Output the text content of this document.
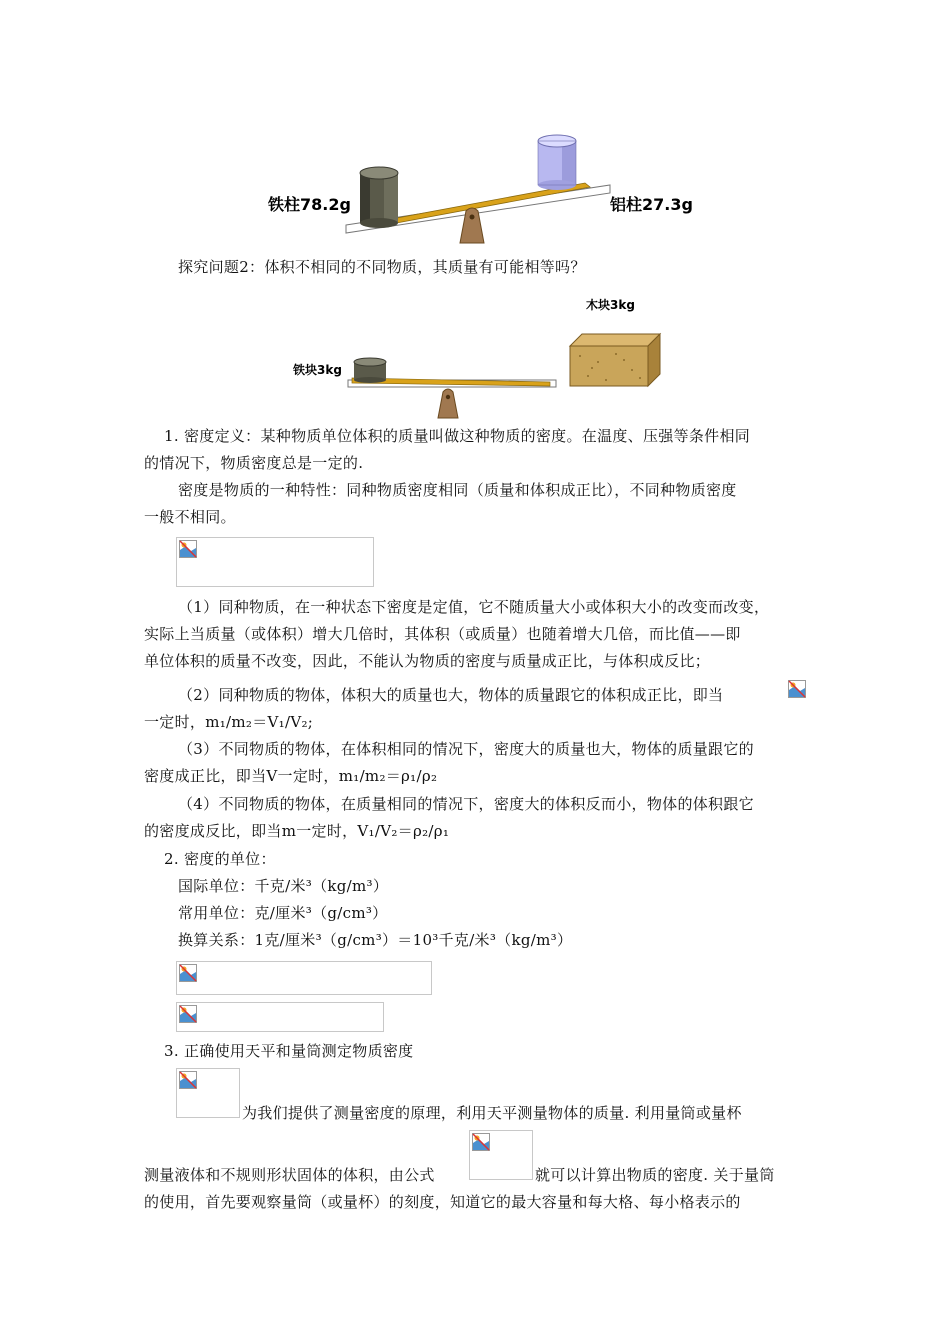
铁柱78.2g	铝柱27.3g
探究问题2：体积不相同的不同物质，其质量有可能相等吗？
木块3kg
铁块3kg
1. 密度定义：某种物质单位体积的质量叫做这种物质的密度。在温度、压强等条件相同
的情况下，物质密度总是一定的.
密度是物质的一种特性：同种物质密度相同（质量和体积成正比），不同种物质密度
一般不相同。
（1）同种物质，在一种状态下密度是定值，它不随质量大小或体积大小的改变而改变，
实际上当质量（或体积）增大几倍时，其体积（或质量）也随着增大几倍，而比值——即
单位体积的质量不改变，因此，不能认为物质的密度与质量成正比，与体积成反比；
（2）同种物质的物体，体积大的质量也大，物体的质量跟它的体积成正比，即当
一定时，m₁/m₂＝V₁/V₂;
（3）不同物质的物体，在体积相同的情况下，密度大的质量也大，物体的质量跟它的
密度成正比，即当V一定时，m₁/m₂＝ρ₁/ρ₂
（4）不同物质的物体，在质量相同的情况下，密度大的体积反而小，物体的体积跟它
的密度成反比，即当m一定时，V₁/V₂＝ρ₂/ρ₁
2. 密度的单位：
国际单位：千克/米³（kg/m³）
常用单位：克/厘米³（g/cm³）
换算关系：1克/厘米³（g/cm³）＝10³千克/米³（kg/m³）
3. 正确使用天平和量筒测定物质密度
为我们提供了测量密度的原理，利用天平测量物体的质量. 利用量筒或量杯
测量液体和不规则形状固体的体积，由公式	就可以计算出物质的密度. 关于量筒
的使用，首先要观察量筒（或量杯）的刻度，知道它的最大容量和每大格、每小格表示的
